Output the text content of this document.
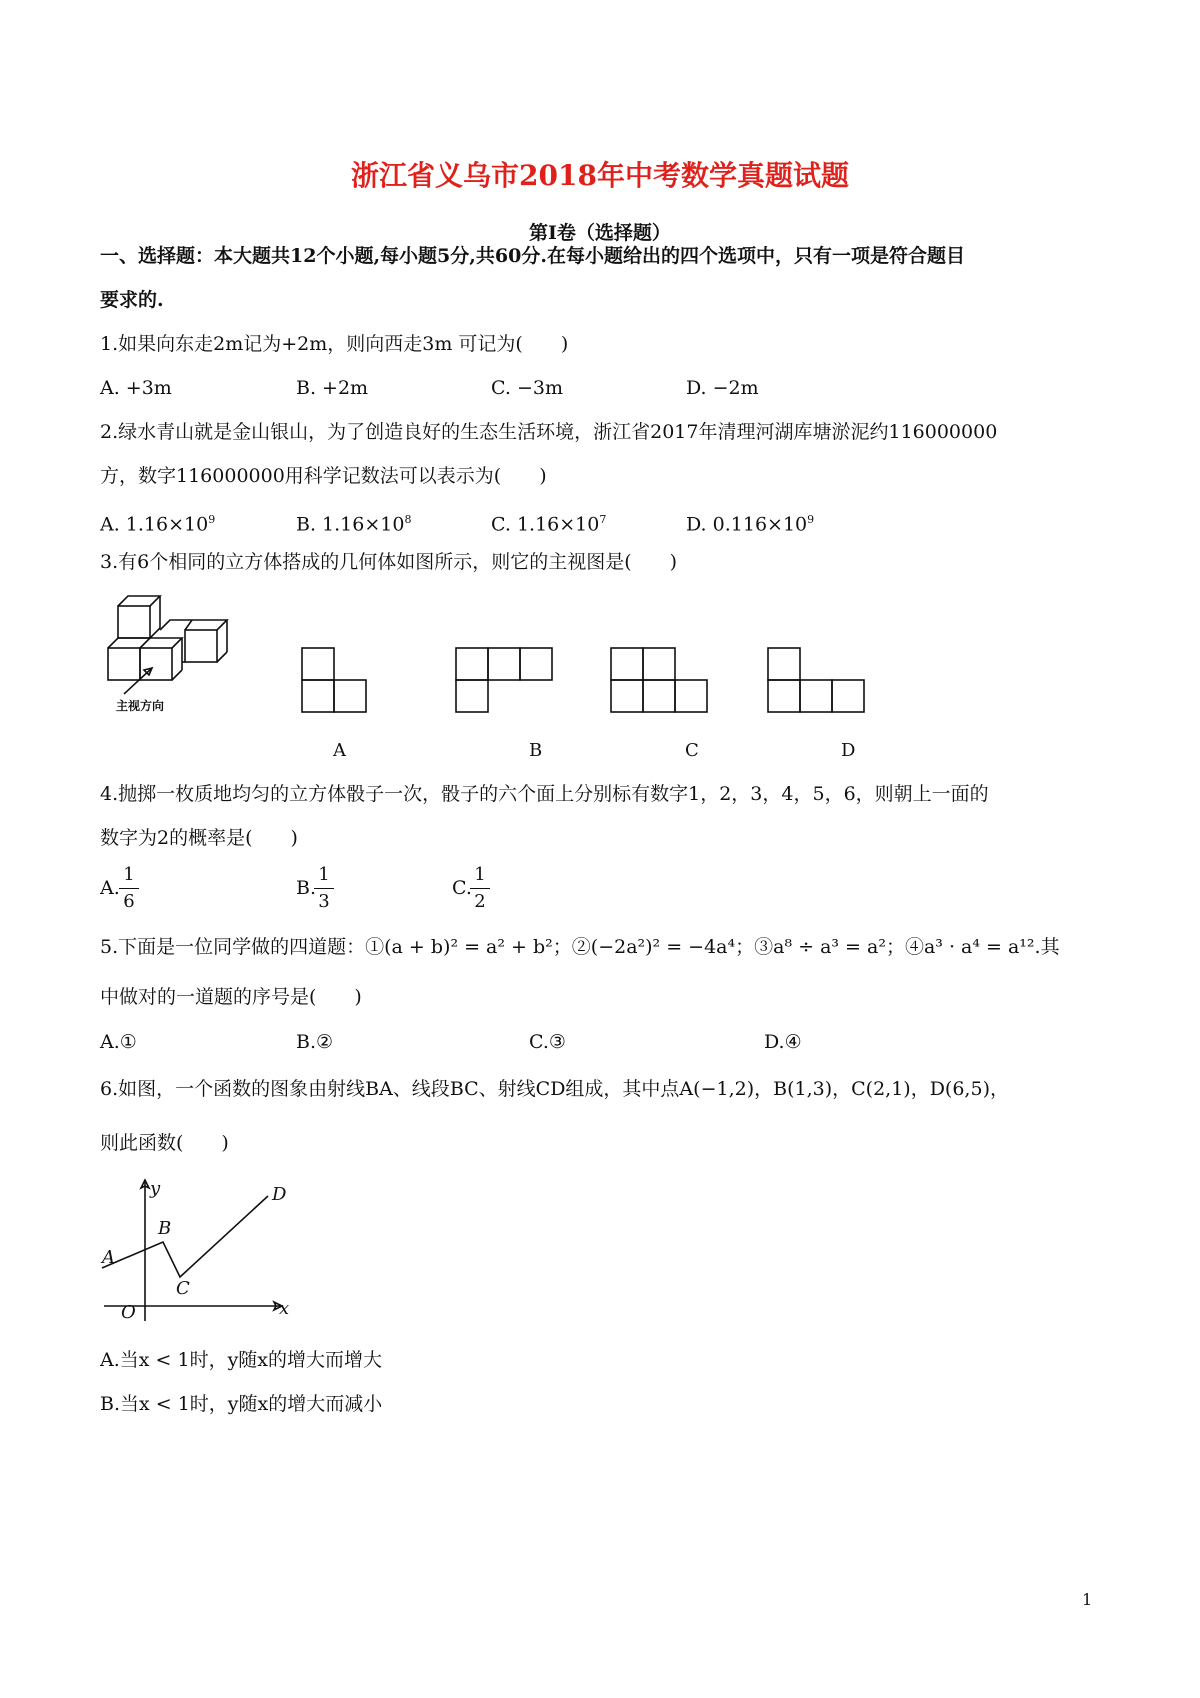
浙江省义乌市2018年中考数学真题试题
第Ⅰ卷（选择题）
一、选择题：本大题共12个小题,每小题5分,共60分.在每小题给出的四个选项中，只有一项是符合题目
要求的.
1.如果向东走2m记为+2m，则向西走3m 可记为(　　)
A. +3m	B. +2m	C. −3m	D. −2m
2.绿水青山就是金山银山，为了创造良好的生态生活环境，浙江省2017年清理河湖库塘淤泥约116000000
方，数字116000000用科学记数法可以表示为(　　)
A. $1.16\times 10^9$	B. $1.16\times 10^8$	C. $1.16\times 10^7$	D. $0.116\times 10^9$
3.有6个相同的立方体搭成的几何体如图所示，则它的主视图是(　　)
主视方向
A	B	C	D
4.抛掷一枚质地均匀的立方体骰子一次，骰子的六个面上分别标有数字1，2，3，4，5，6，则朝上一面的
数字为2的概率是(　　)
A.
1
6
B.
1
3
C.
1
2
5.下面是一位同学做的四道题：①(a + b)² = a² + b²；②(−2a²)² = −4a⁴；③a⁸ ÷ a³ = a²；④a³ · a⁴ = a¹².其
中做对的一道题的序号是(　　)
A.①	B.②	C.③	D.④
6.如图，一个函数的图象由射线BA、线段BC、射线CD组成，其中点A(−1,2)，B(1,3)，C(2,1)，D(6,5)，
则此函数(　　)
y
x
O
A
B
C
D
A.当x < 1时，y随x的增大而增大
B.当x < 1时，y随x的增大而减小
1
